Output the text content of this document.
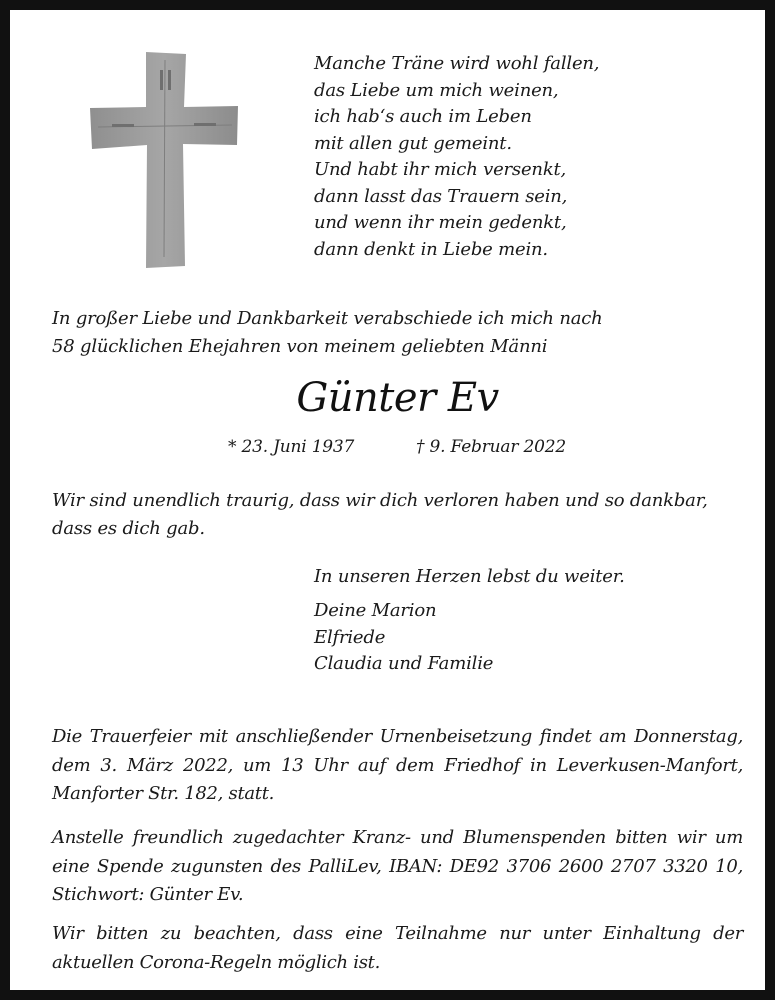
Manche Träne wird wohl fallen,
das Liebe um mich weinen,
ich hab‘s auch im Leben
mit allen gut gemeint.
Und habt ihr mich versenkt,
dann lasst das Trauern sein,
und wenn ihr mein gedenkt,
dann denkt in Liebe mein.
In großer Liebe und Dankbarkeit verabschiede ich mich nach
58 glücklichen Ehejahren von meinem geliebten Männi
Günter Ev
* 23. Juni 1937	† 9. Februar 2022
Wir sind unendlich traurig, dass wir dich verloren haben und so dankbar,
dass es dich gab.
In unseren Herzen lebst du weiter.
Deine Marion
Elfriede
Claudia und Familie
Die Trauerfeier mit anschließender Urnenbeisetzung findet am Donnerstag,
dem 3. März 2022, um 13 Uhr auf dem Friedhof in Leverkusen-Manfort,
Manforter Str. 182, statt.
Anstelle freundlich zugedachter Kranz- und Blumenspenden bitten wir um
eine Spende zugunsten des PalliLev, IBAN: DE92 3706 2600 2707 3320 10,
Stichwort: Günter Ev.
Wir bitten zu beachten, dass eine Teilnahme nur unter Einhaltung der
aktuellen Corona-Regeln möglich ist.
